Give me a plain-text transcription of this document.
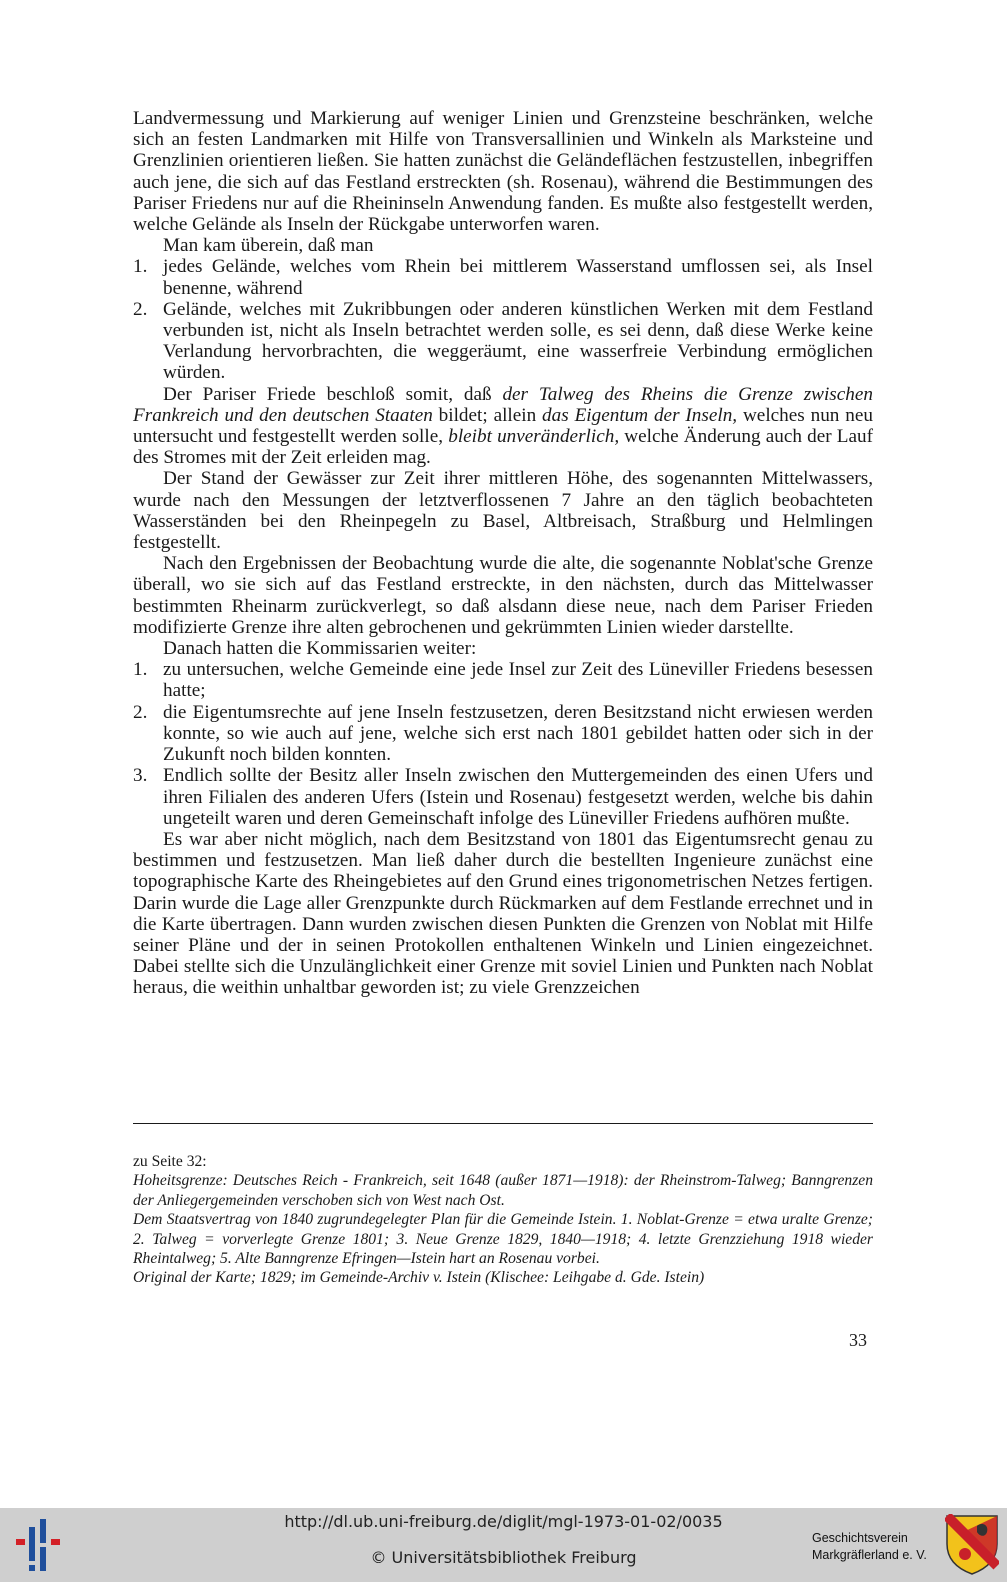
Landvermessung und Markierung auf weniger Linien und Grenzsteine beschränken, welche sich an festen Landmarken mit Hilfe von Transversallinien und Winkeln als Marksteine und Grenzlinien orientieren ließen. Sie hatten zunächst die Geländeflächen festzustellen, inbegriffen auch jene, die sich auf das Festland erstreckten (sh. Rosenau), während die Bestimmungen des Pariser Friedens nur auf die Rheininseln Anwendung fanden. Es mußte also festgestellt werden, welche Gelände als Inseln der Rückgabe unterworfen waren.

Man kam überein, daß man

1. jedes Gelände, welches vom Rhein bei mittlerem Wasserstand umflossen sei, als Insel benenne, während
2. Gelände, welches mit Zukribbungen oder anderen künstlichen Werken mit dem Festland verbunden ist, nicht als Inseln betrachtet werden solle, es sei denn, daß diese Werke keine Verlandung hervorbrachten, die weggeräumt, eine wasserfreie Verbindung ermöglichen würden.

Der Pariser Friede beschloß somit, daß der Talweg des Rheins die Grenze zwischen Frankreich und den deutschen Staaten bildet; allein das Eigentum der Inseln, welches nun neu untersucht und festgestellt werden solle, bleibt unveränderlich, welche Änderung auch der Lauf des Stromes mit der Zeit erleiden mag.

Der Stand der Gewässer zur Zeit ihrer mittleren Höhe, des sogenannten Mittelwassers, wurde nach den Messungen der letztverflossenen 7 Jahre an den täglich beobachteten Wasserständen bei den Rheinpegeln zu Basel, Altbreisach, Straßburg und Helmlingen festgestellt.

Nach den Ergebnissen der Beobachtung wurde die alte, die sogenannte Noblat'sche Grenze überall, wo sie sich auf das Festland erstreckte, in den nächsten, durch das Mittelwasser bestimmten Rheinarm zurückverlegt, so daß alsdann diese neue, nach dem Pariser Frieden modifizierte Grenze ihre alten gebrochenen und gekrümmten Linien wieder darstellte.

Danach hatten die Kommissarien weiter:

1. zu untersuchen, welche Gemeinde eine jede Insel zur Zeit des Lüneviller Friedens besessen hatte;
2. die Eigentumsrechte auf jene Inseln festzusetzen, deren Besitzstand nicht erwiesen werden konnte, so wie auch auf jene, welche sich erst nach 1801 gebildet hatten oder sich in der Zukunft noch bilden konnten.
3. Endlich sollte der Besitz aller Inseln zwischen den Muttergemeinden des einen Ufers und ihren Filialen des anderen Ufers (Istein und Rosenau) festgesetzt werden, welche bis dahin ungeteilt waren und deren Gemeinschaft infolge des Lüneviller Friedens aufhören mußte.

Es war aber nicht möglich, nach dem Besitzstand von 1801 das Eigentumsrecht genau zu bestimmen und festzusetzen. Man ließ daher durch die bestellten Ingenieure zunächst eine topographische Karte des Rheingebietes auf den Grund eines trigonometrischen Netzes fertigen. Darin wurde die Lage aller Grenzpunkte durch Rückmarken auf dem Festlande errechnet und in die Karte übertragen. Dann wurden zwischen diesen Punkten die Grenzen von Noblat mit Hilfe seiner Pläne und der in seinen Protokollen enthaltenen Winkeln und Linien eingezeichnet. Dabei stellte sich die Unzulänglichkeit einer Grenze mit soviel Linien und Punkten nach Noblat heraus, die weithin unhaltbar geworden ist; zu viele Grenzzeichen

zu Seite 32:

Hoheitsgrenze: Deutsches Reich - Frankreich, seit 1648 (außer 1871—1918): der Rheinstrom-Talweg; Banngrenzen der Anliegergemeinden verschoben sich von West nach Ost.

Dem Staatsvertrag von 1840 zugrundegelegter Plan für die Gemeinde Istein. 1. Noblat-Grenze = etwa uralte Grenze; 2. Talweg = vorverlegte Grenze 1801; 3. Neue Grenze 1829, 1840—1918; 4. letzte Grenzziehung 1918 wieder Rheintalweg; 5. Alte Banngrenze Efringen—Istein hart an Rosenau vorbei.

Original der Karte; 1829; im Gemeinde-Archiv v. Istein (Klischee: Leihgabe d. Gde. Istein)

33
http://dl.ub.uni-freiburg.de/diglit/mgl-1973-01-02/0035
© Universitätsbibliothek Freiburg
Geschichtsverein
Markgräflerland e. V.
